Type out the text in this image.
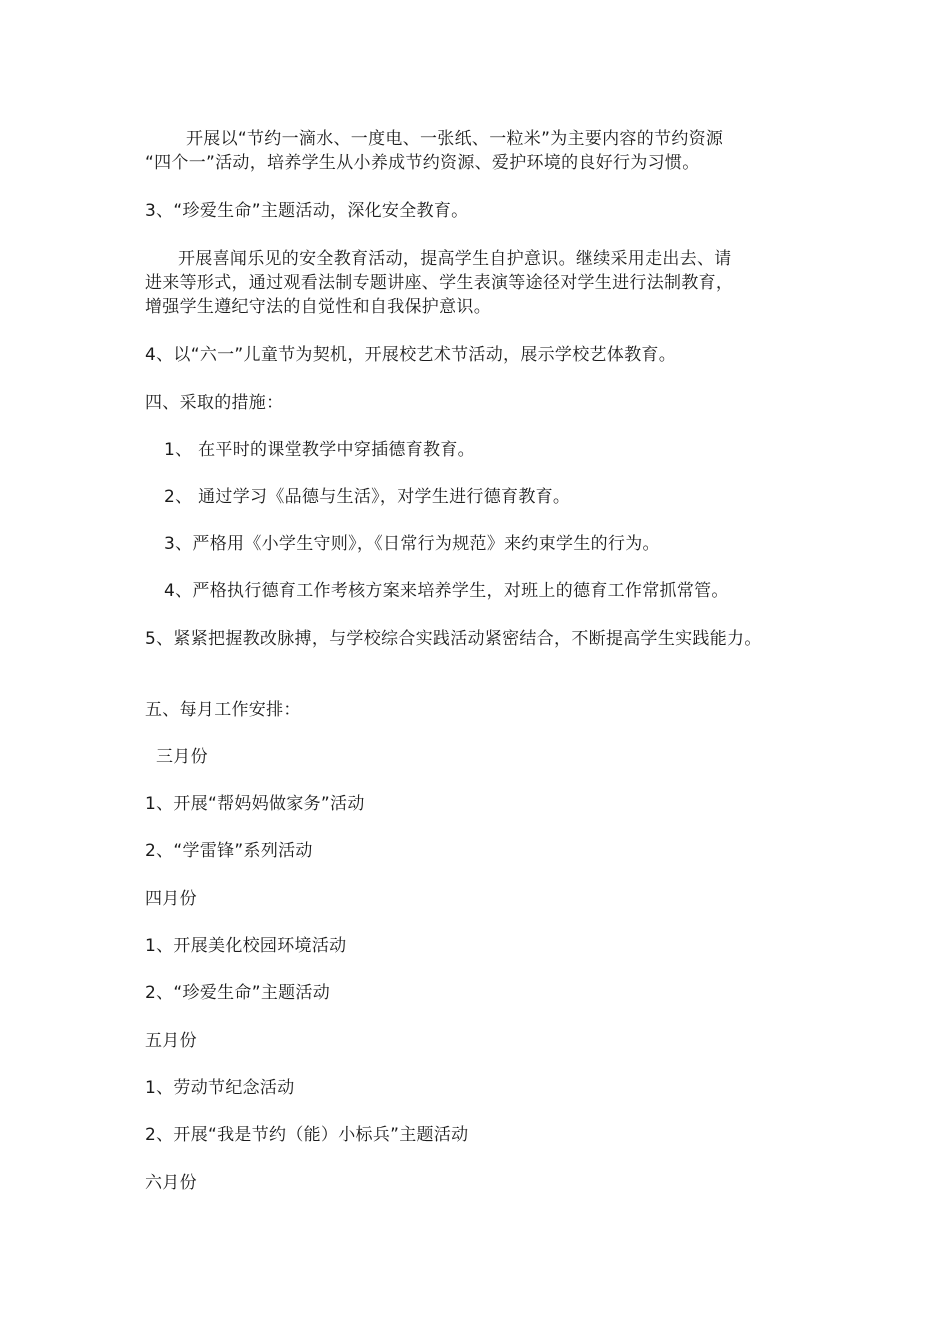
开展以“节约一滴水、一度电、一张纸、一粒米”为主要内容的节约资源
“四个一”活动，培养学生从小养成节约资源、爱护环境的良好行为习惯。
3、“珍爱生命”主题活动，深化安全教育。
开展喜闻乐见的安全教育活动，提高学生自护意识。继续采用走出去、请
进来等形式，通过观看法制专题讲座、学生表演等途径对学生进行法制教育，
增强学生遵纪守法的自觉性和自我保护意识。
4、以“六一”儿童节为契机，开展校艺术节活动，展示学校艺体教育。
四、采取的措施：
1、 在平时的课堂教学中穿插德育教育。
2、 通过学习《品德与生活》，对学生进行德育教育。
3、严格用《小学生守则》，《日常行为规范》来约束学生的行为。
4、严格执行德育工作考核方案来培养学生，对班上的德育工作常抓常管。
5、紧紧把握教改脉搏，与学校综合实践活动紧密结合，不断提高学生实践能力。
五、每月工作安排：
三月份
1、开展“帮妈妈做家务”活动
2、“学雷锋”系列活动
四月份
1、开展美化校园环境活动
2、“珍爱生命”主题活动
五月份
1、劳动节纪念活动
2、开展“我是节约（能）小标兵”主题活动
六月份
